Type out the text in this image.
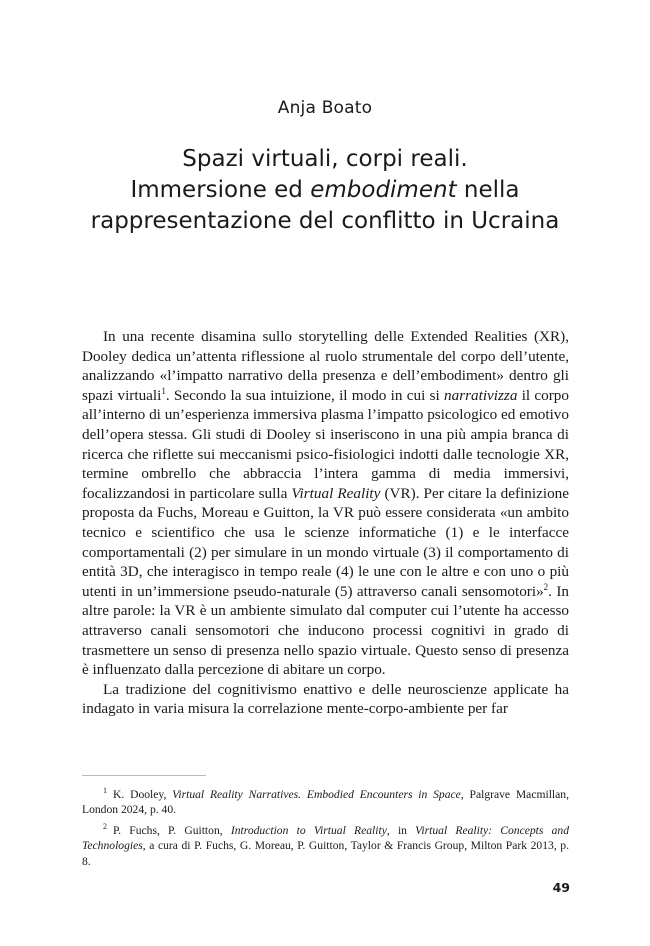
Anja Boato
Spazi virtuali, corpi reali.
Immersione ed embodiment nella
rappresentazione del conflitto in Ucraina

In una recente disamina sullo storytelling delle Extended Realities (XR), Dooley dedica un’attenta riflessione al ruolo strumentale del corpo dell’utente, analizzando «l’impatto narrativo della presenza e dell’embodiment» dentro gli spazi virtuali$^1$. Secondo la sua intuizione, il modo in cui si narrativizza il corpo all’interno di un’esperienza immersiva plasma l’impatto psicologico ed emotivo dell’opera stessa. Gli studi di Dooley si inseriscono in una più ampia branca di ricerca che riflette sui meccanismi psico-fisiologici indotti dalle tecnologie XR, termine ombrello che abbraccia l’intera gamma di media immersivi, focalizzandosi in particolare sulla Virtual Reality (VR). Per citare la definizione proposta da Fuchs, Moreau e Guitton, la VR può essere considerata «un ambito tecnico e scientifico che usa le scienze informatiche (1) e le interfacce comportamentali (2) per simulare in un mondo virtuale (3) il comportamento di entità 3D, che interagisco in tempo reale (4) le une con le altre e con uno o più utenti in un’immersione pseudo-naturale (5) attraverso canali sensomotori»$^2$. In altre parole: la VR è un ambiente simulato dal computer cui l’utente ha accesso attraverso canali sensomotori che inducono processi cognitivi in grado di trasmettere un senso di presenza nello spazio virtuale. Questo senso di presenza è influenzato dalla percezione di abitare un corpo.

La tradizione del cognitivismo enattivo e delle neuroscienze applicate ha indagato in varia misura la correlazione mente-corpo-ambiente per far

$^1$ K. Dooley, Virtual Reality Narratives. Embodied Encounters in Space, Palgrave Macmillan, London 2024, p. 40.

$^2$ P. Fuchs, P. Guitton, Introduction to Virtual Reality, in Virtual Reality: Concepts and Technologies, a cura di P. Fuchs, G. Moreau, P. Guitton, Taylor & Francis Group, Milton Park 2013, p. 8.

49
